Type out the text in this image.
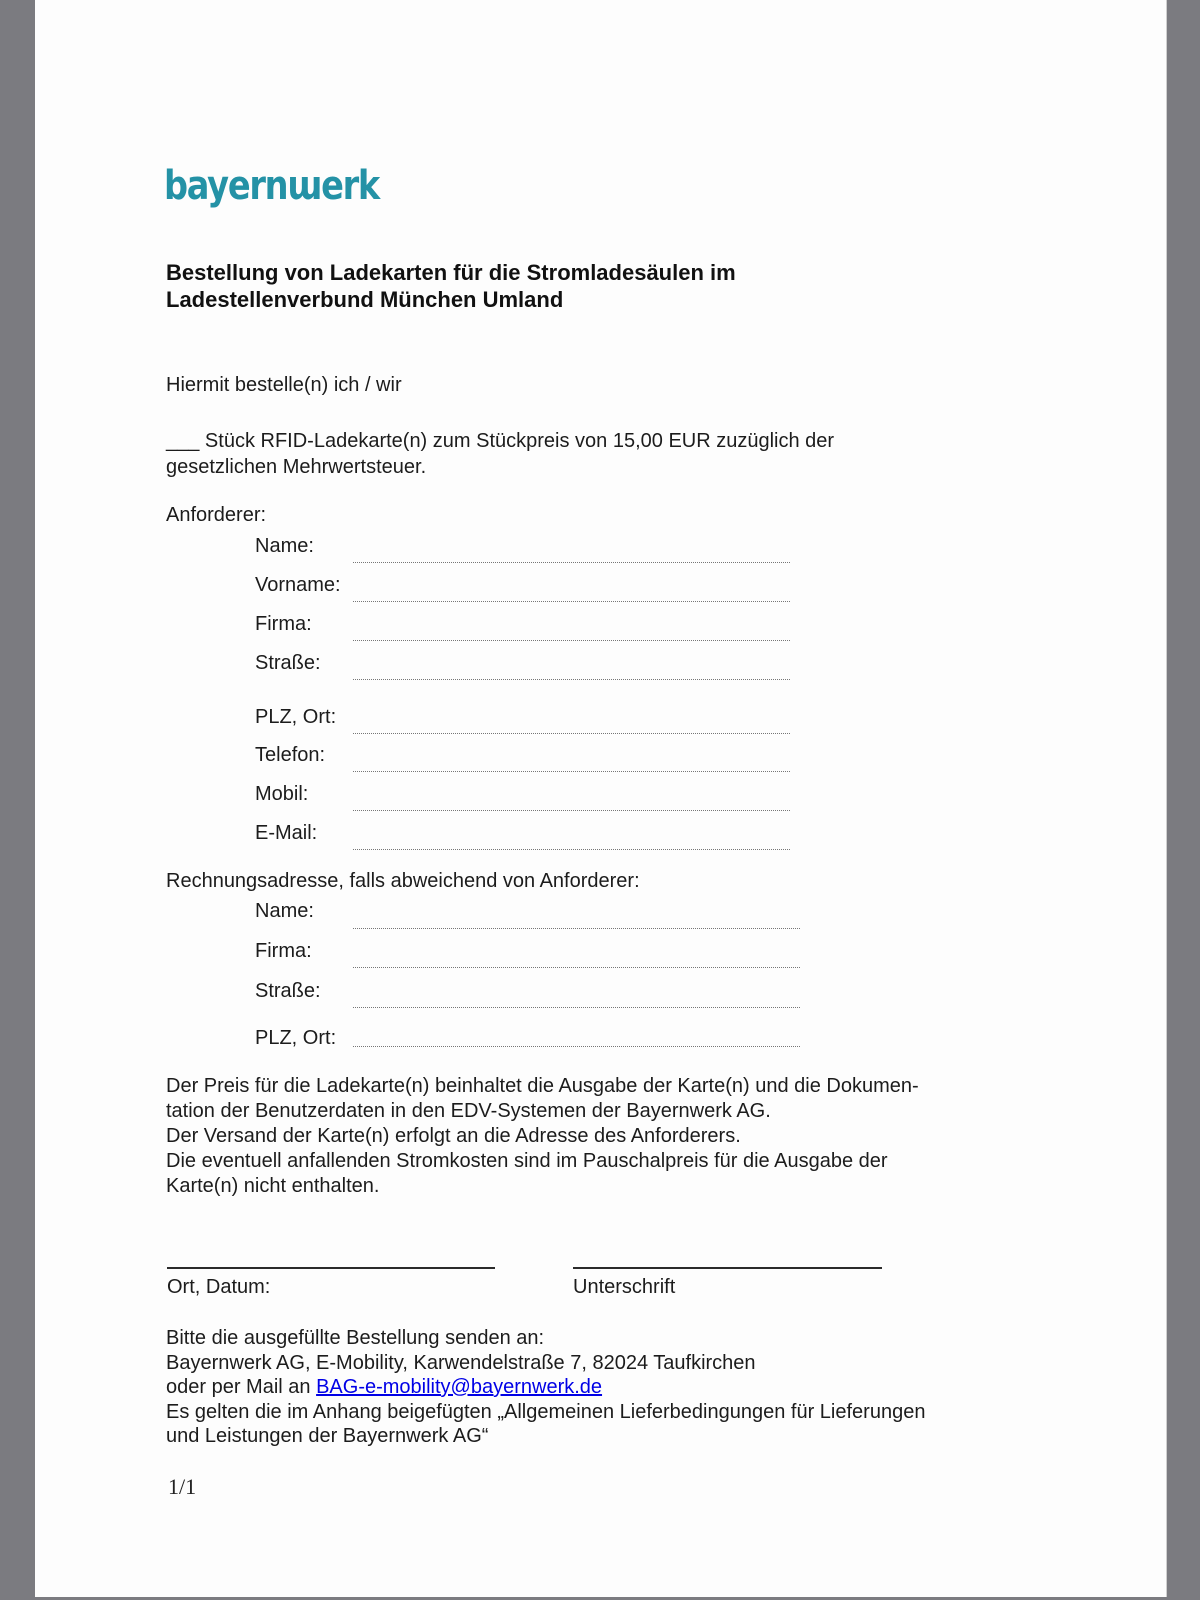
bayernɯerk
Bestellung von Ladekarten für die Stromladesäulen im
Ladestellenverbund München Umland
Hiermit bestelle(n) ich / wir
___ Stück RFID-Ladekarte(n) zum Stückpreis von 15,00 EUR zuzüglich der
gesetzlichen Mehrwertsteuer.
Anforderer:
Name:
Vorname:
Firma:
Straße:
PLZ, Ort:
Telefon:
Mobil:
E-Mail:
Rechnungsadresse, falls abweichend von Anforderer:
Name:
Firma:
Straße:
PLZ, Ort:
Der Preis für die Ladekarte(n) beinhaltet die Ausgabe der Karte(n) und die Dokumen-
tation der Benutzerdaten in den EDV-Systemen der Bayernwerk AG.
Der Versand der Karte(n) erfolgt an die Adresse des Anforderers.
Die eventuell anfallenden Stromkosten sind im Pauschalpreis für die Ausgabe der
Karte(n) nicht enthalten.
Ort, Datum:	Unterschrift
Bitte die ausgefüllte Bestellung senden an:
Bayernwerk AG, E-Mobility, Karwendelstraße 7, 82024 Taufkirchen
oder per Mail an BAG-e-mobility@bayernwerk.de
Es gelten die im Anhang beigefügten „Allgemeinen Lieferbedingungen für Lieferungen
und Leistungen der Bayernwerk AG“
1/1
